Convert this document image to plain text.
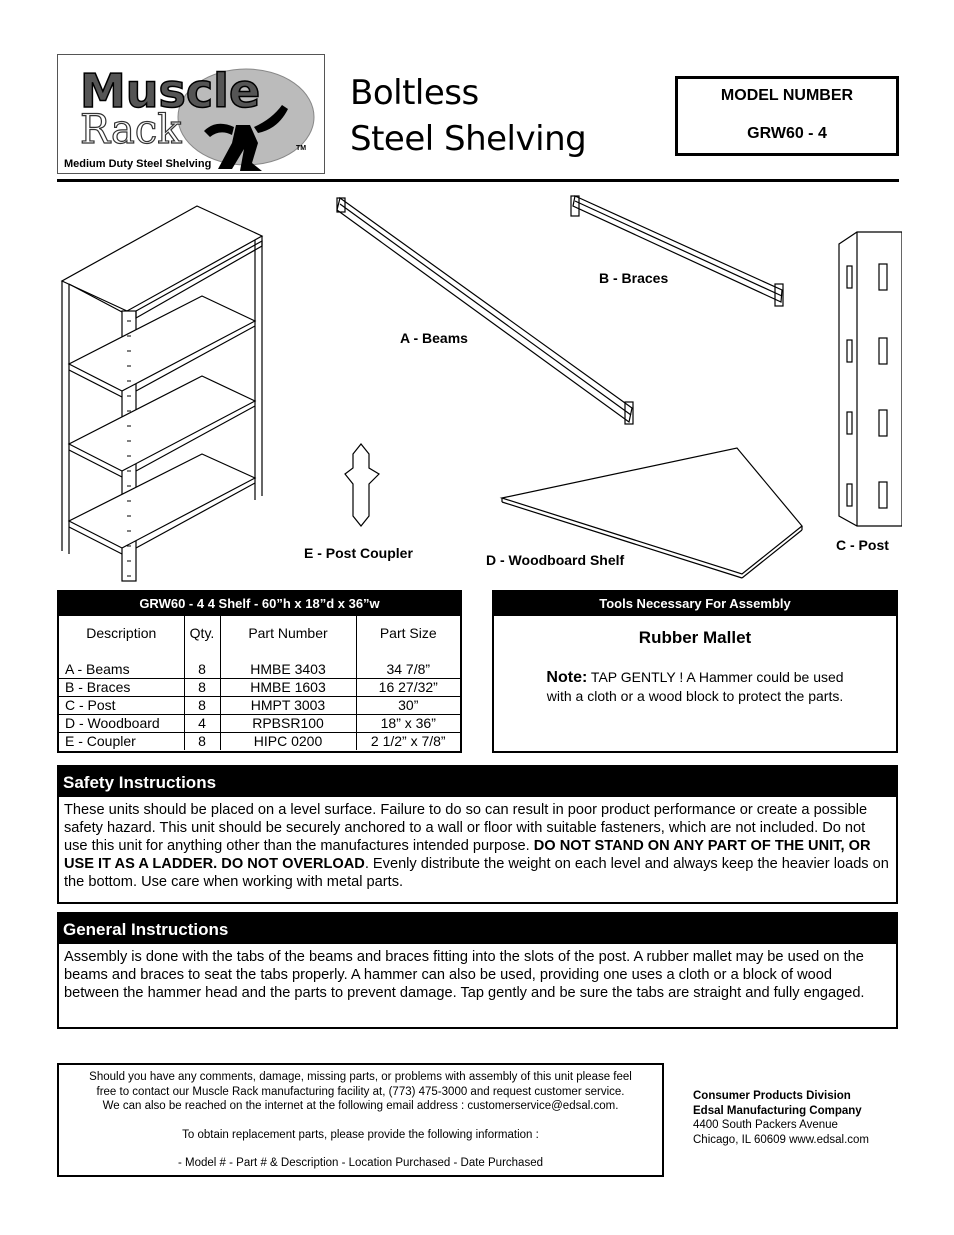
Muscle
Rack	TM
Medium Duty Steel Shelving
Boltless
Steel Shelving
MODEL NUMBER
GRW60 - 4
B - Braces
A - Beams
C - Post
E - Post Coupler	D - Woodboard Shelf
GRW60 - 4 4 Shelf - 60”h x 18”d x 36”w
Description	Qty.	Part Number	Part Size

A - Beams	8	HMBE 3403	34 7/8”
B - Braces	8	HMBE 1603	16 27/32”
C - Post	8	HMPT 3003	30”
D - Woodboard	4	RPBSR100	18” x 36”
E - Coupler	8	HIPC 0200	2 1/2” x 7/8”
Tools Necessary For Assembly
Rubber Mallet
Note: TAP GENTLY ! A Hammer could be used
with a cloth or a wood block to protect the parts.
Safety Instructions
These units should be placed on a level surface. Failure to do so can result in poor product performance or create a possible safety hazard. This unit should be securely anchored to a wall or floor with suitable fasteners, which are not included. Do not use this unit for anything other than the manufactures intended purpose. DO NOT STAND ON ANY PART OF THE UNIT, OR USE IT AS A LADDER. DO NOT OVERLOAD. Evenly distribute the weight on each level and always keep the heavier loads on the bottom. Use care when working with metal parts.
General Instructions
Assembly is done with the tabs of the beams and braces fitting into the slots of the post. A rubber mallet may be used on the beams and braces to seat the tabs properly. A hammer can also be used, providing one uses a cloth or a block of wood between the hammer head and the parts to prevent damage. Tap gently and be sure the tabs are straight and fully engaged.
Should you have any comments, damage, missing parts, or problems with assembly of this unit please feel
free to contact our Muscle Rack manufacturing facility at, (773) 475-3000 and request customer service.
We can also be reached on the internet at the following email address : customerservice@edsal.com.
To obtain replacement parts, please provide the following information :
- Model # - Part # & Description - Location Purchased - Date Purchased
Consumer Products Division
Edsal Manufacturing Company
4400 South Packers Avenue
Chicago, IL 60609 www.edsal.com
